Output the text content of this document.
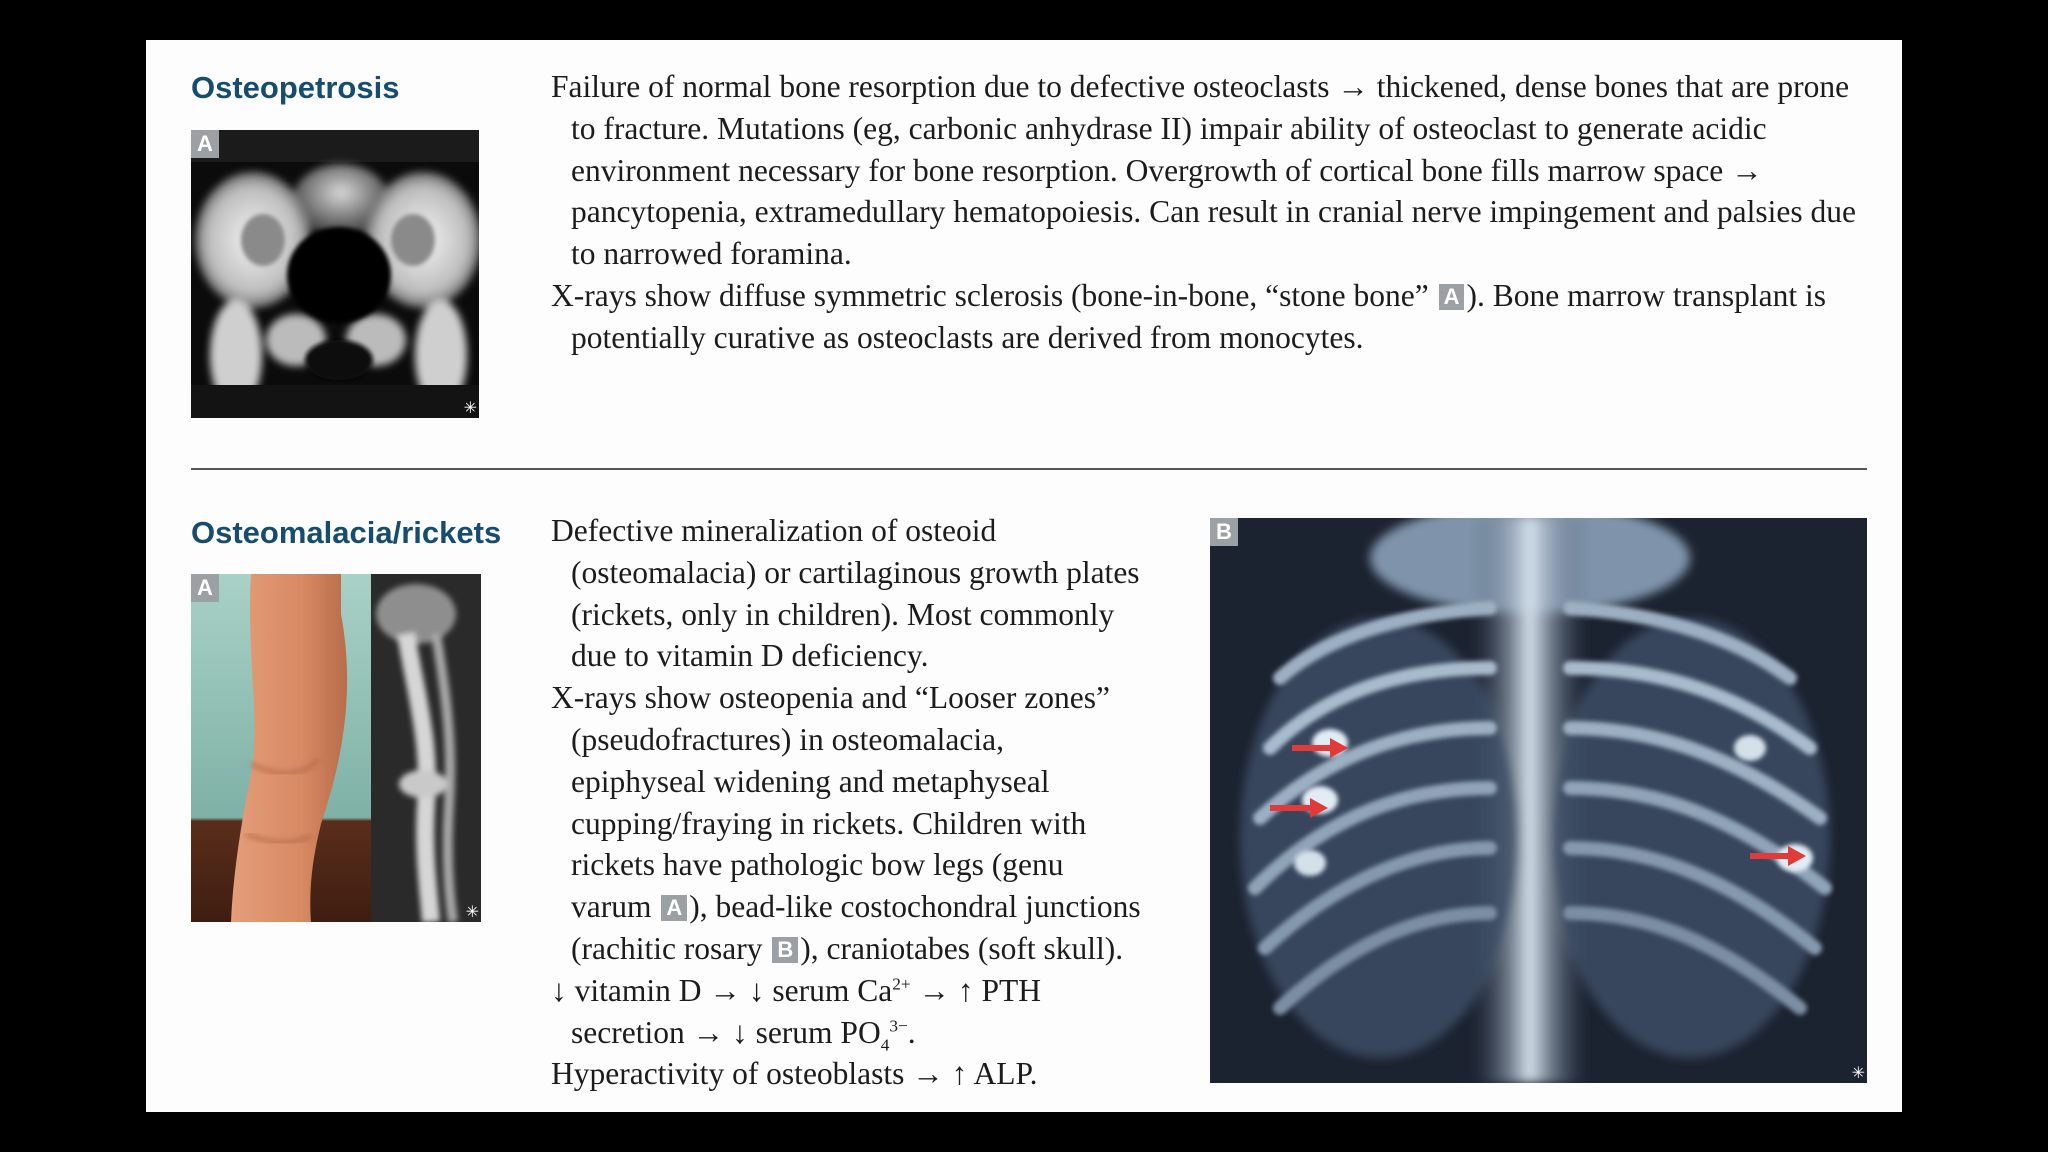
Osteopetrosis
A
✳

Failure of normal bone resorption due to defective osteoclasts → thickened, dense bones that are prone to fracture. Mutations (eg, carbonic anhydrase II) impair ability of osteoclast to generate acidic environment necessary for bone resorption. Overgrowth of cortical bone fills marrow space → pancytopenia, extramedullary hematopoiesis. Can result in cranial nerve impingement and palsies due to narrowed foramina.

X-rays show diffuse symmetric sclerosis (bone-in-bone, “stone bone” A ). Bone marrow transplant is potentially curative as osteoclasts are derived from monocytes.

Osteomalacia/rickets
A
✳

Defective mineralization of osteoid (osteomalacia) or cartilaginous growth plates (rickets, only in children). Most commonly due to vitamin D deficiency.

X-rays show osteopenia and “Looser zones” (pseudofractures) in osteomalacia, epiphyseal widening and metaphyseal cupping/fraying in rickets. Children with rickets have pathologic bow legs (genu varum A ), bead-like costochondral junctions (rachitic rosary B ), craniotabes (soft skull).

↓ vitamin D → ↓ serum $Ca^{2+}$ → ↑ PTH secretion → ↓ serum $PO_4^{3-}$.

Hyperactivity of osteoblasts → ↑ ALP.

B
✳
